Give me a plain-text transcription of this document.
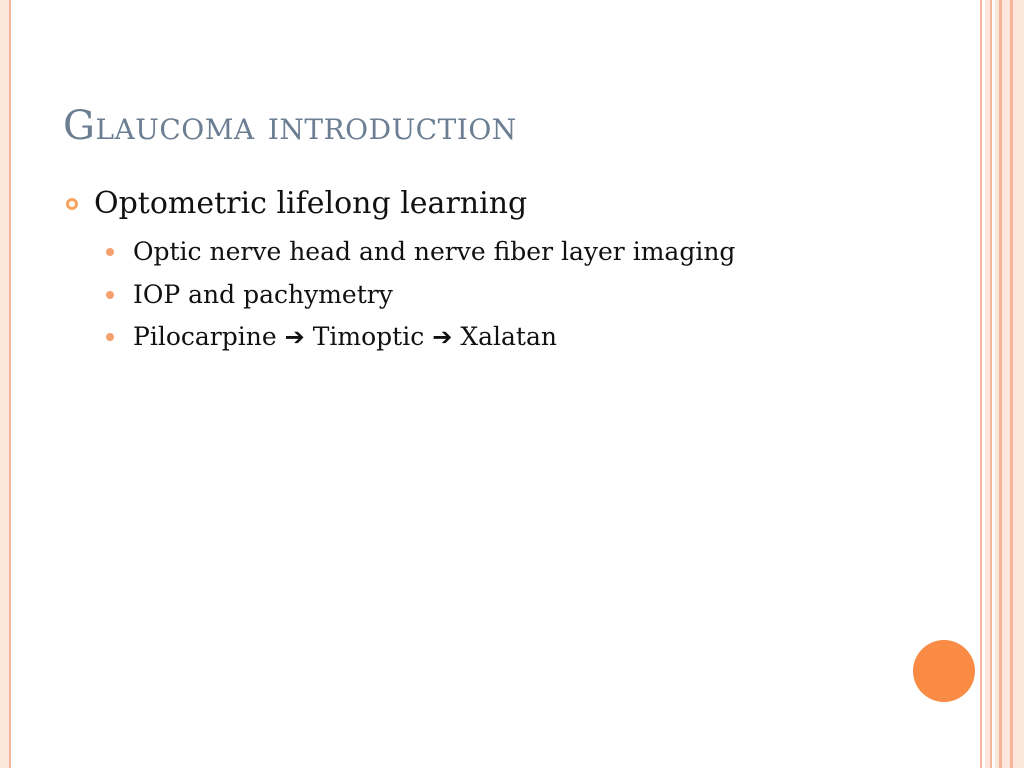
Glaucoma introduction
Optometric lifelong learning
Optic nerve head and nerve fiber layer imaging
IOP and pachymetry
Pilocarpine ➔ Timoptic ➔ Xalatan
